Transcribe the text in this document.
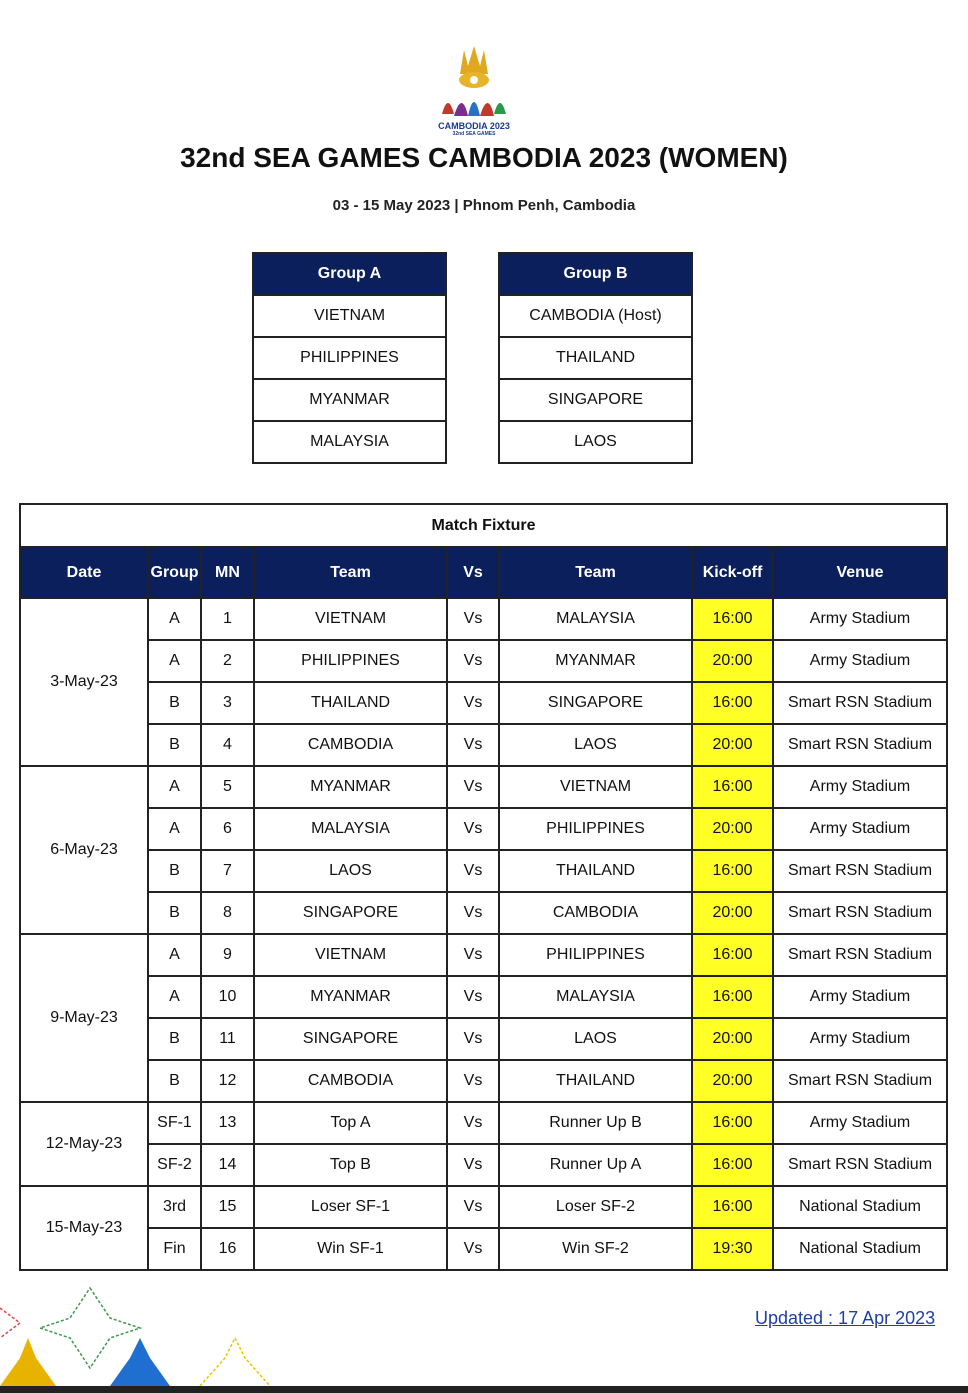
CAMBODIA 2023
32nd SEA GAMES
32nd SEA GAMES CAMBODIA 2023 (WOMEN)
03 - 15 May 2023 | Phnom Penh, Cambodia
Group A
VIETNAM
PHILIPPINES
MYANMAR
MALAYSIA
Group B
CAMBODIA (Host)
THAILAND
SINGAPORE
LAOS
Match Fixture							
Date	Group	MN	Team	Vs	Team	Kick-off	Venue
3-May-23	A	1	VIETNAM	Vs	MALAYSIA	16:00	Army Stadium
	A	2	PHILIPPINES	Vs	MYANMAR	20:00	Army Stadium
	B	3	THAILAND	Vs	SINGAPORE	16:00	Smart RSN Stadium
	B	4	CAMBODIA	Vs	LAOS	20:00	Smart RSN Stadium
6-May-23	A	5	MYANMAR	Vs	VIETNAM	16:00	Army Stadium
	A	6	MALAYSIA	Vs	PHILIPPINES	20:00	Army Stadium
	B	7	LAOS	Vs	THAILAND	16:00	Smart RSN Stadium
	B	8	SINGAPORE	Vs	CAMBODIA	20:00	Smart RSN Stadium
9-May-23	A	9	VIETNAM	Vs	PHILIPPINES	16:00	Smart RSN Stadium
	A	10	MYANMAR	Vs	MALAYSIA	16:00	Army Stadium
	B	11	SINGAPORE	Vs	LAOS	20:00	Army Stadium
	B	12	CAMBODIA	Vs	THAILAND	20:00	Smart RSN Stadium
12-May-23	SF-1	13	Top A	Vs	Runner Up B	16:00	Army Stadium
	SF-2	14	Top B	Vs	Runner Up A	16:00	Smart RSN Stadium
15-May-23	3rd	15	Loser SF-1	Vs	Loser SF-2	16:00	National Stadium
	Fin	16	Win SF-1	Vs	Win SF-2	19:30	National Stadium
Updated : 17 Apr 2023
